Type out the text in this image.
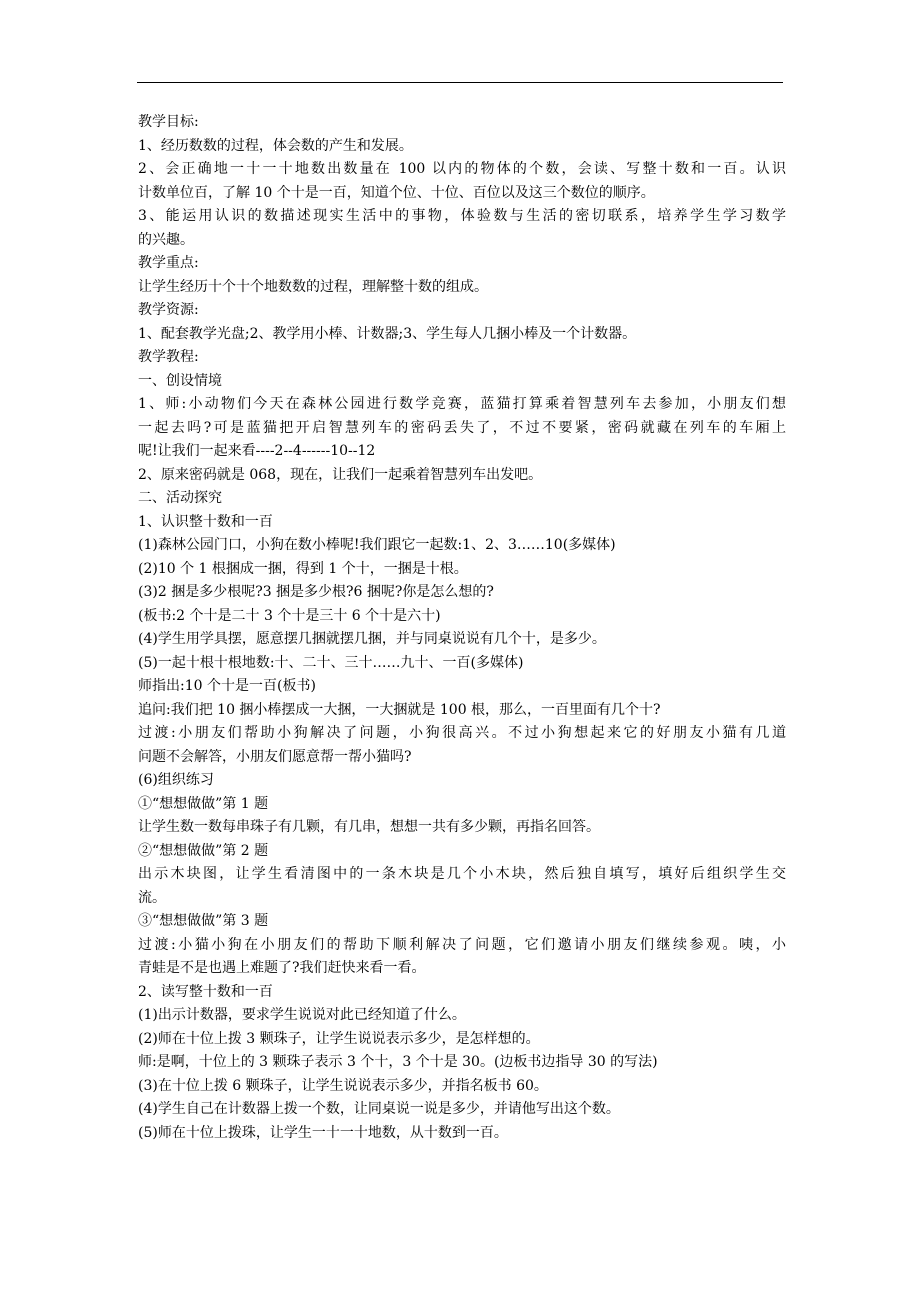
教学目标:
1、经历数数的过程，体会数的产生和发展。
2、会正确地一十一十地数出数量在 100 以内的物体的个数，会读、写整十数和一百。认识
计数单位百，了解 10 个十是一百，知道个位、十位、百位以及这三个数位的顺序。
3、能运用认识的数描述现实生活中的事物，体验数与生活的密切联系，培养学生学习数学
的兴趣。
教学重点:
让学生经历十个十个地数数的过程，理解整十数的组成。
教学资源:
1、配套教学光盘;2、教学用小棒、计数器;3、学生每人几捆小棒及一个计数器。
教学教程:
一、创设情境
1、师:小动物们今天在森林公园进行数学竞赛，蓝猫打算乘着智慧列车去参加，小朋友们想
一起去吗?可是蓝猫把开启智慧列车的密码丢失了，不过不要紧，密码就藏在列车的车厢上
呢!让我们一起来看----2--4------10--12
2、原来密码就是 068，现在，让我们一起乘着智慧列车出发吧。
二、活动探究
1、认识整十数和一百
(1)森林公园门口，小狗在数小棒呢!我们跟它一起数:1、2、3……10(多媒体)
(2)10 个 1 根捆成一捆，得到 1 个十，一捆是十根。
(3)2 捆是多少根呢?3 捆是多少根?6 捆呢?你是怎么想的?
(板书:2 个十是二十 3 个十是三十 6 个十是六十)
(4)学生用学具摆，愿意摆几捆就摆几捆，并与同桌说说有几个十，是多少。
(5)一起十根十根地数:十、二十、三十……九十、一百(多媒体)
师指出:10 个十是一百(板书)
追问:我们把 10 捆小棒摆成一大捆，一大捆就是 100 根，那么，一百里面有几个十?
过渡:小朋友们帮助小狗解决了问题，小狗很高兴。不过小狗想起来它的好朋友小猫有几道
问题不会解答，小朋友们愿意帮一帮小猫吗?
(6)组织练习
①“想想做做”第 1 题
让学生数一数每串珠子有几颗，有几串，想想一共有多少颗，再指名回答。
②“想想做做”第 2 题
出示木块图，让学生看清图中的一条木块是几个小木块，然后独自填写，填好后组织学生交
流。
③“想想做做”第 3 题
过渡:小猫小狗在小朋友们的帮助下顺利解决了问题，它们邀请小朋友们继续参观。咦，小
青蛙是不是也遇上难题了?我们赶快来看一看。
2、读写整十数和一百
(1)出示计数器，要求学生说说对此已经知道了什么。
(2)师在十位上拨 3 颗珠子，让学生说说表示多少，是怎样想的。
师:是啊，十位上的 3 颗珠子表示 3 个十，3 个十是 30。(边板书边指导 30 的写法)
(3)在十位上拨 6 颗珠子，让学生说说表示多少，并指名板书 60。
(4)学生自己在计数器上拨一个数，让同桌说一说是多少，并请他写出这个数。
(5)师在十位上拨珠，让学生一十一十地数，从十数到一百。
